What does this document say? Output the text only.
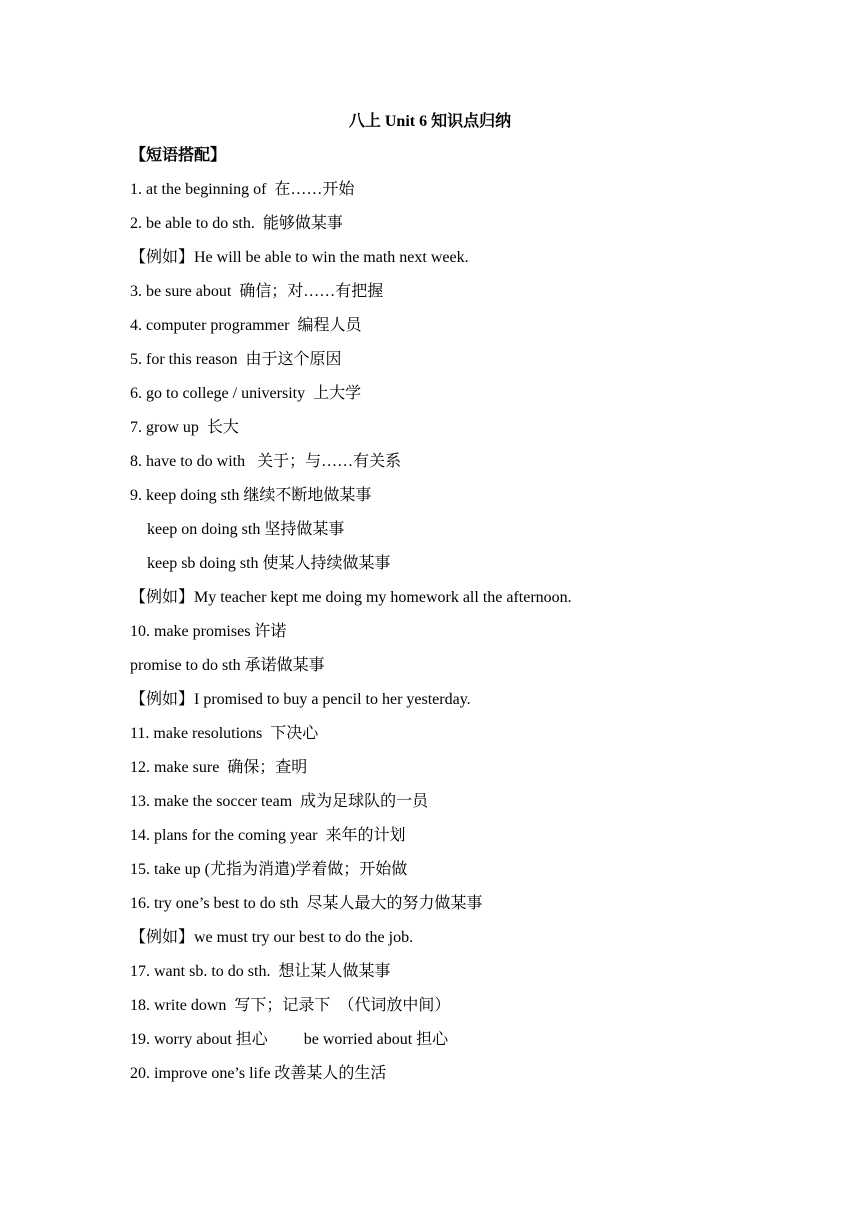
八上 Unit 6 知识点归纳
【短语搭配】
1. at the beginning of  在……开始
2. be able to do sth.  能够做某事
【例如】He will be able to win the math next week.
3. be sure about  确信；对……有把握
4. computer programmer  编程人员
5. for this reason  由于这个原因
6. go to college / university  上大学
7. grow up  长大
8. have to do with   关于；与……有关系
9. keep doing sth 继续不断地做某事
keep on doing sth 坚持做某事
keep sb doing sth 使某人持续做某事
【例如】My teacher kept me doing my homework all the afternoon.
10. make promises 许诺
promise to do sth 承诺做某事
【例如】I promised to buy a pencil to her yesterday.
11. make resolutions  下决心
12. make sure  确保；查明
13. make the soccer team  成为足球队的一员
14. plans for the coming year  来年的计划
15. take up (尤指为消遣)学着做；开始做
16. try one’s best to do sth  尽某人最大的努力做某事
【例如】we must try our best to do the job.
17. want sb. to do sth.  想让某人做某事
18. write down  写下；记录下  （代词放中间）
19. worry about 担心         be worried about 担心
20. improve one’s life 改善某人的生活
